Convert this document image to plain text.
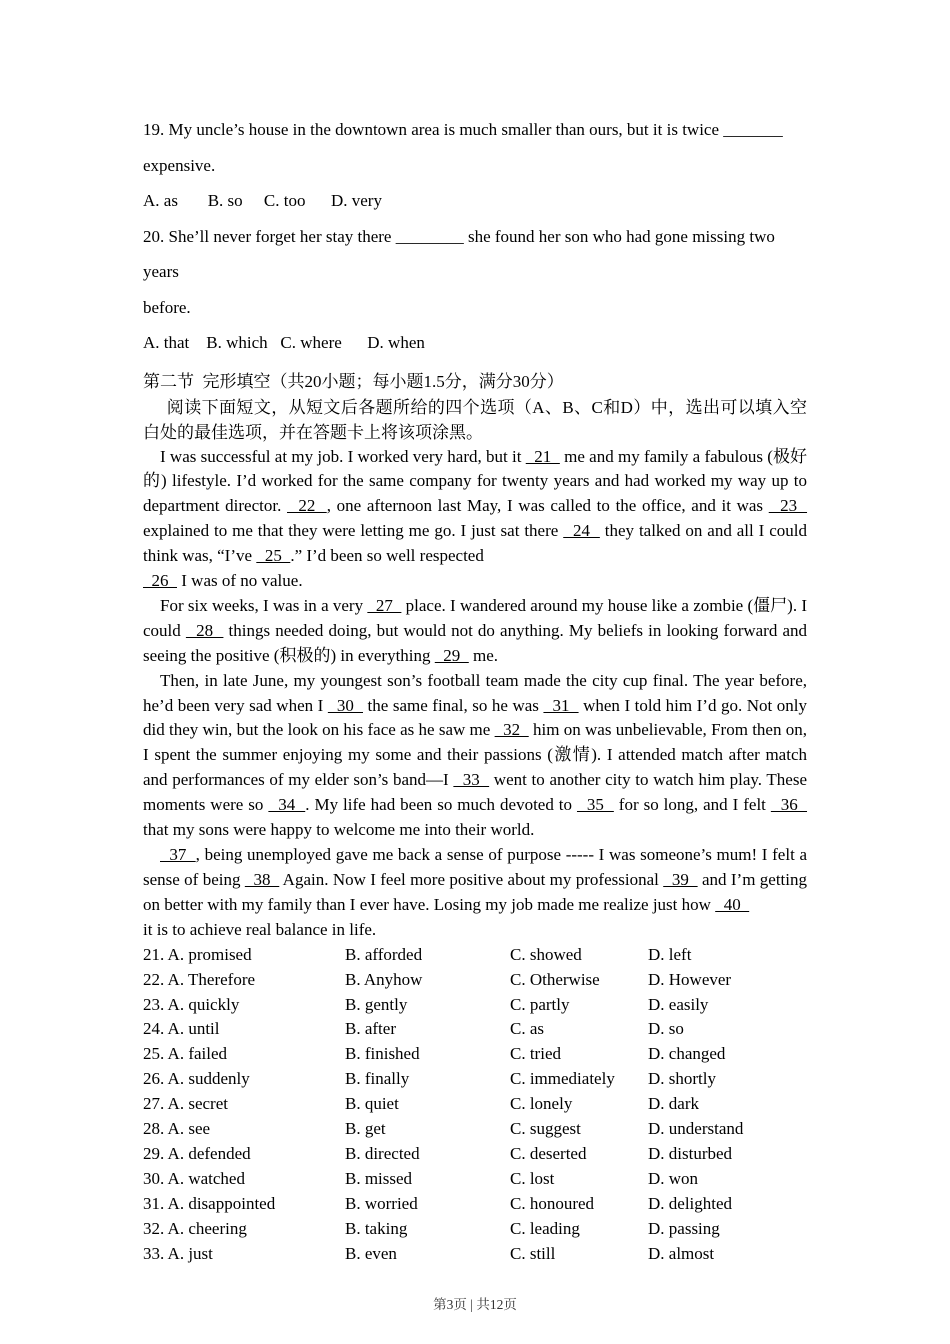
19. My uncle’s house in the downtown area is much smaller than ours, but it is twice _______
expensive.
A. as       B. so     C. too      D. very
20. She’ll never forget her stay there ________ she found her son who had gone missing two years
before.
A. that    B. which   C. where      D. when
第二节  完形填空（共20小题；每小题1.5分，满分30分）

阅读下面短文，从短文后各题所给的四个选项（A、B、C和D）中，选出可以填入空白处的最佳选项，并在答题卡上将该项涂黑。

I was successful at my job. I worked very hard, but it   21   me and my family a fabulous (极好的) lifestyle. I’d worked for the same company for twenty years and had worked my way up to department director.   22  , one afternoon last May, I was called to the office, and it was   23   explained to me that they were letting me go. I just sat there   24   they talked on and all I could think was, “I’ve   25  .” I’d been so well respected
26   I was of no value.

For six weeks, I was in a very   27   place. I wandered around my house like a zombie (僵尸). I could   28   things needed doing, but would not do anything. My beliefs in looking forward and seeing the positive (积极的) in everything   29   me.

Then, in late June, my youngest son’s football team made the city cup final. The year before, he’d been very sad when I   30   the same final, so he was   31   when I told him I’d go. Not only did they win, but the look on his face as he saw me   32   him on was unbelievable, From then on, I spent the summer enjoying my some and their passions (激情). I attended match after match and performances of my elder son’s band—I   33   went to another city to watch him play. These moments were so   34  . My life had been so much devoted to   35   for so long, and I felt   36   that my sons were happy to welcome me into their world.

37  , being unemployed gave me back a sense of purpose ----- I was someone’s mum! I felt a sense of being   38   Again. Now I feel more positive about my professional   39   and I’m getting on better with my family than I ever have. Losing my job made me realize just how   40
it is to achieve real balance in life.

21. A. promised	B. afforded	C. showed	D. left
22. A. Therefore	B. Anyhow	C. Otherwise	D. However
23. A. quickly	B. gently	C. partly	D. easily
24. A. until	B. after	C. as	D. so
25. A. failed	B. finished	C. tried	D. changed
26. A. suddenly	B. finally	C. immediately	D. shortly
27. A. secret	B. quiet	C. lonely	D. dark
28. A. see	B. get	C. suggest	D. understand
29. A. defended	B. directed	C. deserted	D. disturbed
30. A. watched	B. missed	C. lost	D. won
31. A. disappointed	B. worried	C. honoured	D. delighted
32. A. cheering	B. taking	C. leading	D. passing
33. A. just	B. even	C. still	D. almost
第3页 | 共12页
